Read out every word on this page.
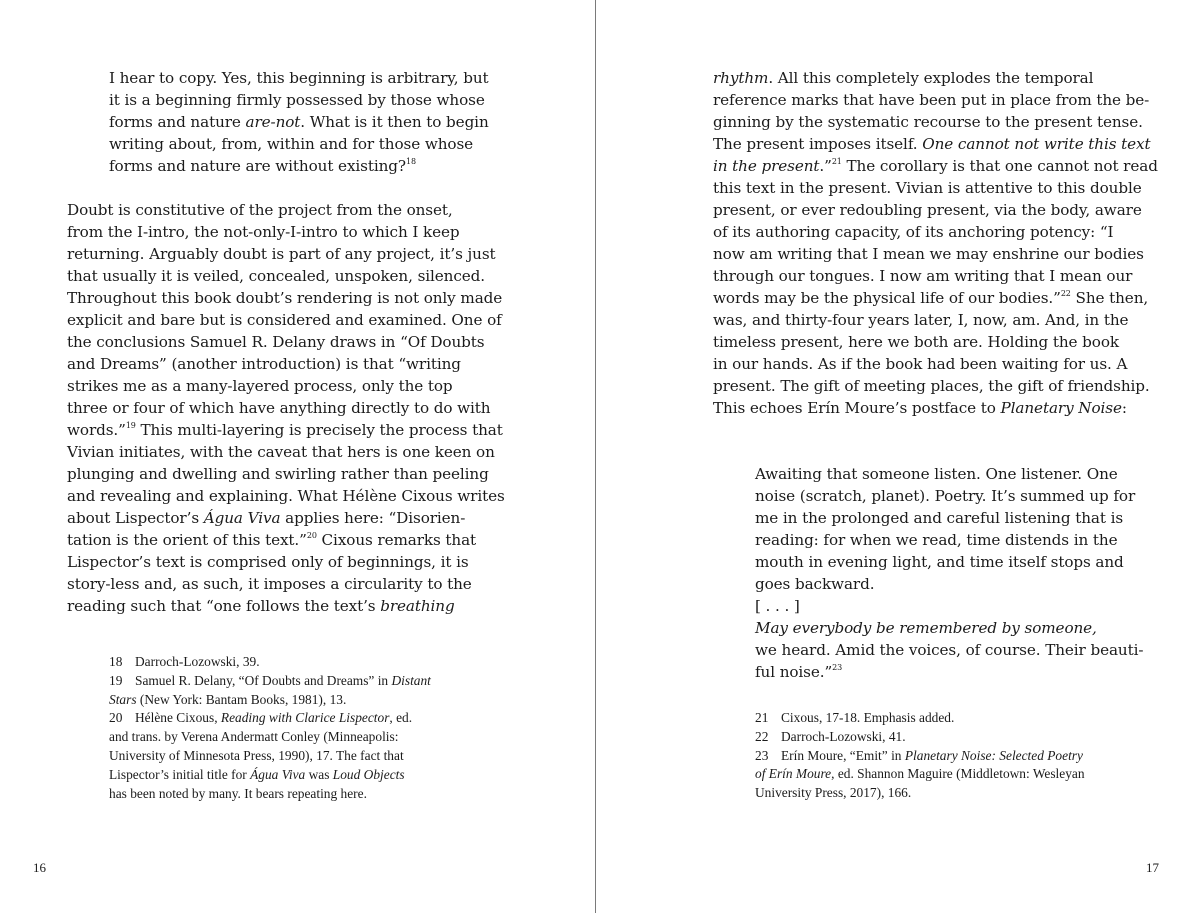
I hear to copy. Yes, this beginning is arbitrary, but
it is a beginning firmly possessed by those whose
forms and nature are-not. What is it then to begin
writing about, from, within and for those whose
forms and nature are without existing?$^{18}$
Doubt is constitutive of the project from the onset,
from the I-intro, the not-only-I-intro to which I keep
returning. Arguably doubt is part of any project, it’s just
that usually it is veiled, concealed, unspoken, silenced.
Throughout this book doubt’s rendering is not only made
explicit and bare but is considered and examined. One of
the conclusions Samuel R. Delany draws in “Of Doubts
and Dreams” (another introduction) is that “writing
strikes me as a many-layered process, only the top
three or four of which have anything directly to do with
words.”$^{19}$ This multi-layering is precisely the process that
Vivian initiates, with the caveat that hers is one keen on
plunging and dwelling and swirling rather than peeling
and revealing and explaining. What Hélène Cixous writes
about Lispector’s Água Viva applies here: “Disorien-
tation is the orient of this text.”$^{20}$ Cixous remarks that
Lispector’s text is comprised only of beginnings, it is
story-less and, as such, it imposes a circularity to the
reading such that “one follows the text’s breathing
18 Darroch-Lozowski, 39.
19 Samuel R. Delany, “Of Doubts and Dreams” in Distant
Stars (New York: Bantam Books, 1981), 13.
20 Hélène Cixous, Reading with Clarice Lispector, ed.
and trans. by Verena Andermatt Conley (Minneapolis:
University of Minnesota Press, 1990), 17. The fact that
Lispector’s initial title for Água Viva was Loud Objects
has been noted by many. It bears repeating here.
16
rhythm. All this completely explodes the temporal
reference marks that have been put in place from the be-
ginning by the systematic recourse to the present tense.
The present imposes itself. One cannot not write this text
in the present.”$^{21}$ The corollary is that one cannot not read
this text in the present. Vivian is attentive to this double
present, or ever redoubling present, via the body, aware
of its authoring capacity, of its anchoring potency: “I
now am writing that I mean we may enshrine our bodies
through our tongues. I now am writing that I mean our
words may be the physical life of our bodies.”$^{22}$ She then,
was, and thirty-four years later, I, now, am. And, in the
timeless present, here we both are. Holding the book
in our hands. As if the book had been waiting for us. A
present. The gift of meeting places, the gift of friendship.
This echoes Erín Moure’s postface to Planetary Noise:
Awaiting that someone listen. One listener. One
noise (scratch, planet). Poetry. It’s summed up for
me in the prolonged and careful listening that is
reading: for when we read, time distends in the
mouth in evening light, and time itself stops and
goes backward.
[ . . . ]
May everybody be remembered by someone,
we heard. Amid the voices, of course. Their beauti-
ful noise.”$^{23}$
21 Cixous, 17-18. Emphasis added.
22 Darroch-Lozowski, 41.
23 Erín Moure, “Emit” in Planetary Noise: Selected Poetry
of Erín Moure, ed. Shannon Maguire (Middletown: Wesleyan
University Press, 2017), 166.
17
